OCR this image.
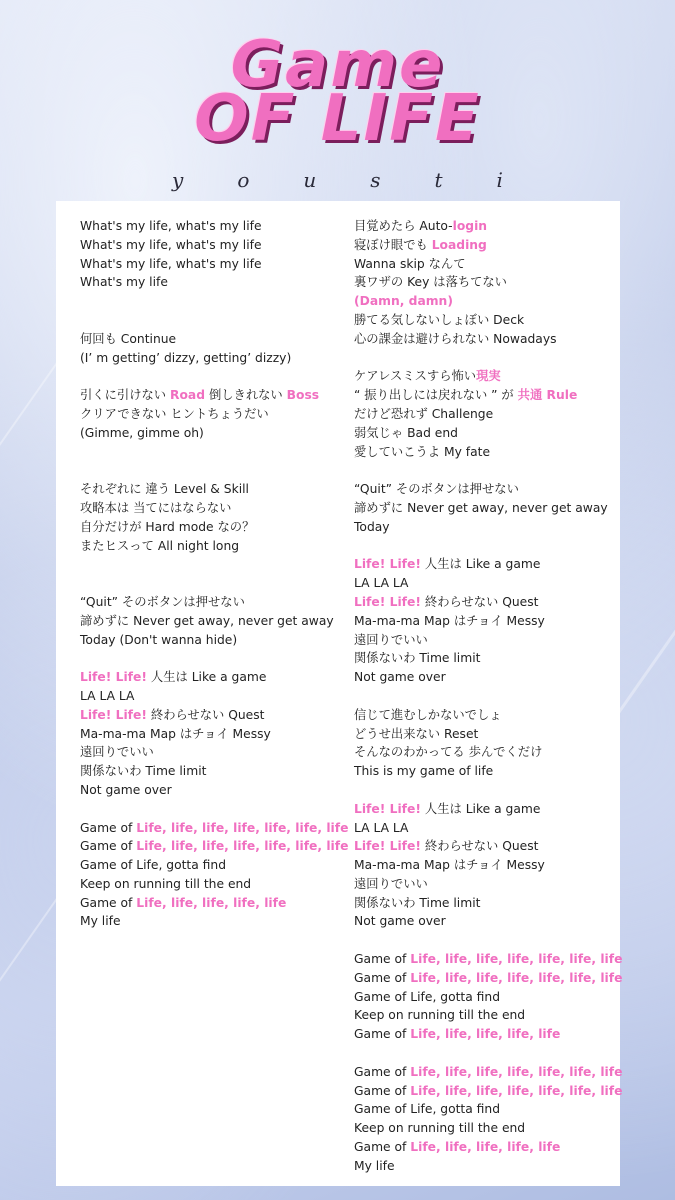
Game
OF LIFE
yousti
What's my life, what's my life
What's my life, what's my life
What's my life, what's my life
What's my life
何回も Continue
(I’ m getting’ dizzy, getting’ dizzy)
引くに引けない Road 倒しきれない Boss
クリアできない ヒントちょうだい
(Gimme, gimme oh)
それぞれに 違う Level & Skill
攻略本は 当てにはならない
自分だけが Hard mode なの？
またヒスって All night long
“Quit” そのボタンは押せない
諦めずに Never get away, never get away
Today (Don't wanna hide)
Life! Life! 人生は Like a game
LA LA LA
Life! Life! 終わらせない Quest
Ma-ma-ma Map はチョイ Messy
遠回りでいい
関係ないわ Time limit
Not game over
Game of Life, life, life, life, life, life, life
Game of Life, life, life, life, life, life, life
Game of Life, gotta find
Keep on running till the end
Game of Life, life, life, life, life
My life
目覚めたら Auto-login
寝ぼけ眼でも Loading
Wanna skip なんて
裏ワザの Key は落ちてない
(Damn, damn)
勝てる気しないしょぼい Deck
心の課金は避けられない Nowadays
ケアレスミスすら怖い現実
“ 振り出しには戻れない ” が 共通 Rule
だけど恐れず Challenge
弱気じゃ Bad end
愛していこうよ My fate
“Quit” そのボタンは押せない
諦めずに Never get away, never get away
Today
Life! Life! 人生は Like a game
LA LA LA
Life! Life! 終わらせない Quest
Ma-ma-ma Map はチョイ Messy
遠回りでいい
関係ないわ Time limit
Not game over
信じて進むしかないでしょ
どうせ出来ない Reset
そんなのわかってる 歩んでくだけ
This is my game of life
Life! Life! 人生は Like a game
LA LA LA
Life! Life! 終わらせない Quest
Ma-ma-ma Map はチョイ Messy
遠回りでいい
関係ないわ Time limit
Not game over
Game of Life, life, life, life, life, life, life
Game of Life, life, life, life, life, life, life
Game of Life, gotta find
Keep on running till the end
Game of Life, life, life, life, life
Game of Life, life, life, life, life, life, life
Game of Life, life, life, life, life, life, life
Game of Life, gotta find
Keep on running till the end
Game of Life, life, life, life, life
My life
